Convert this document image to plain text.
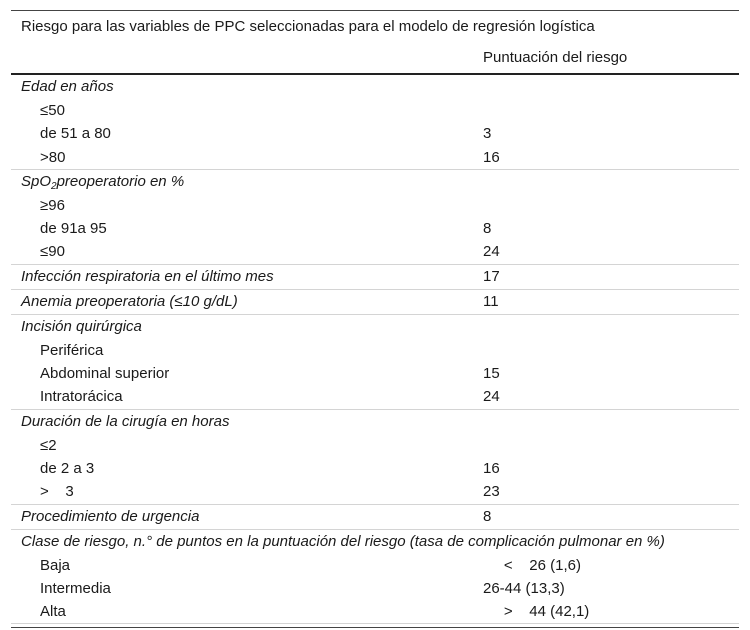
Riesgo para las variables de PPC seleccionadas para el modelo de regresión logística
Puntuación del riesgo
Edad en años
≤50
de 51 a 80	3
>80	16
SpO$_2$preoperatorio en %
≥96
de 91a 95	8
≤90	24
Infección respiratoria en el último mes	17
Anemia preoperatoria (≤10 g/dL)	11
Incisión quirúrgica
Periférica
Abdominal superior	15
Intratorácica	24
Duración de la cirugía en horas
≤2
de 2 a 3	16
>    3	23
Procedimiento de urgencia	8
Clase de riesgo, n.° de puntos en la puntuación del riesgo (tasa de complicación pulmonar en %)
Baja	<    26 (1,6)
Intermedia	26-44 (13,3)
Alta	>    44 (42,1)
